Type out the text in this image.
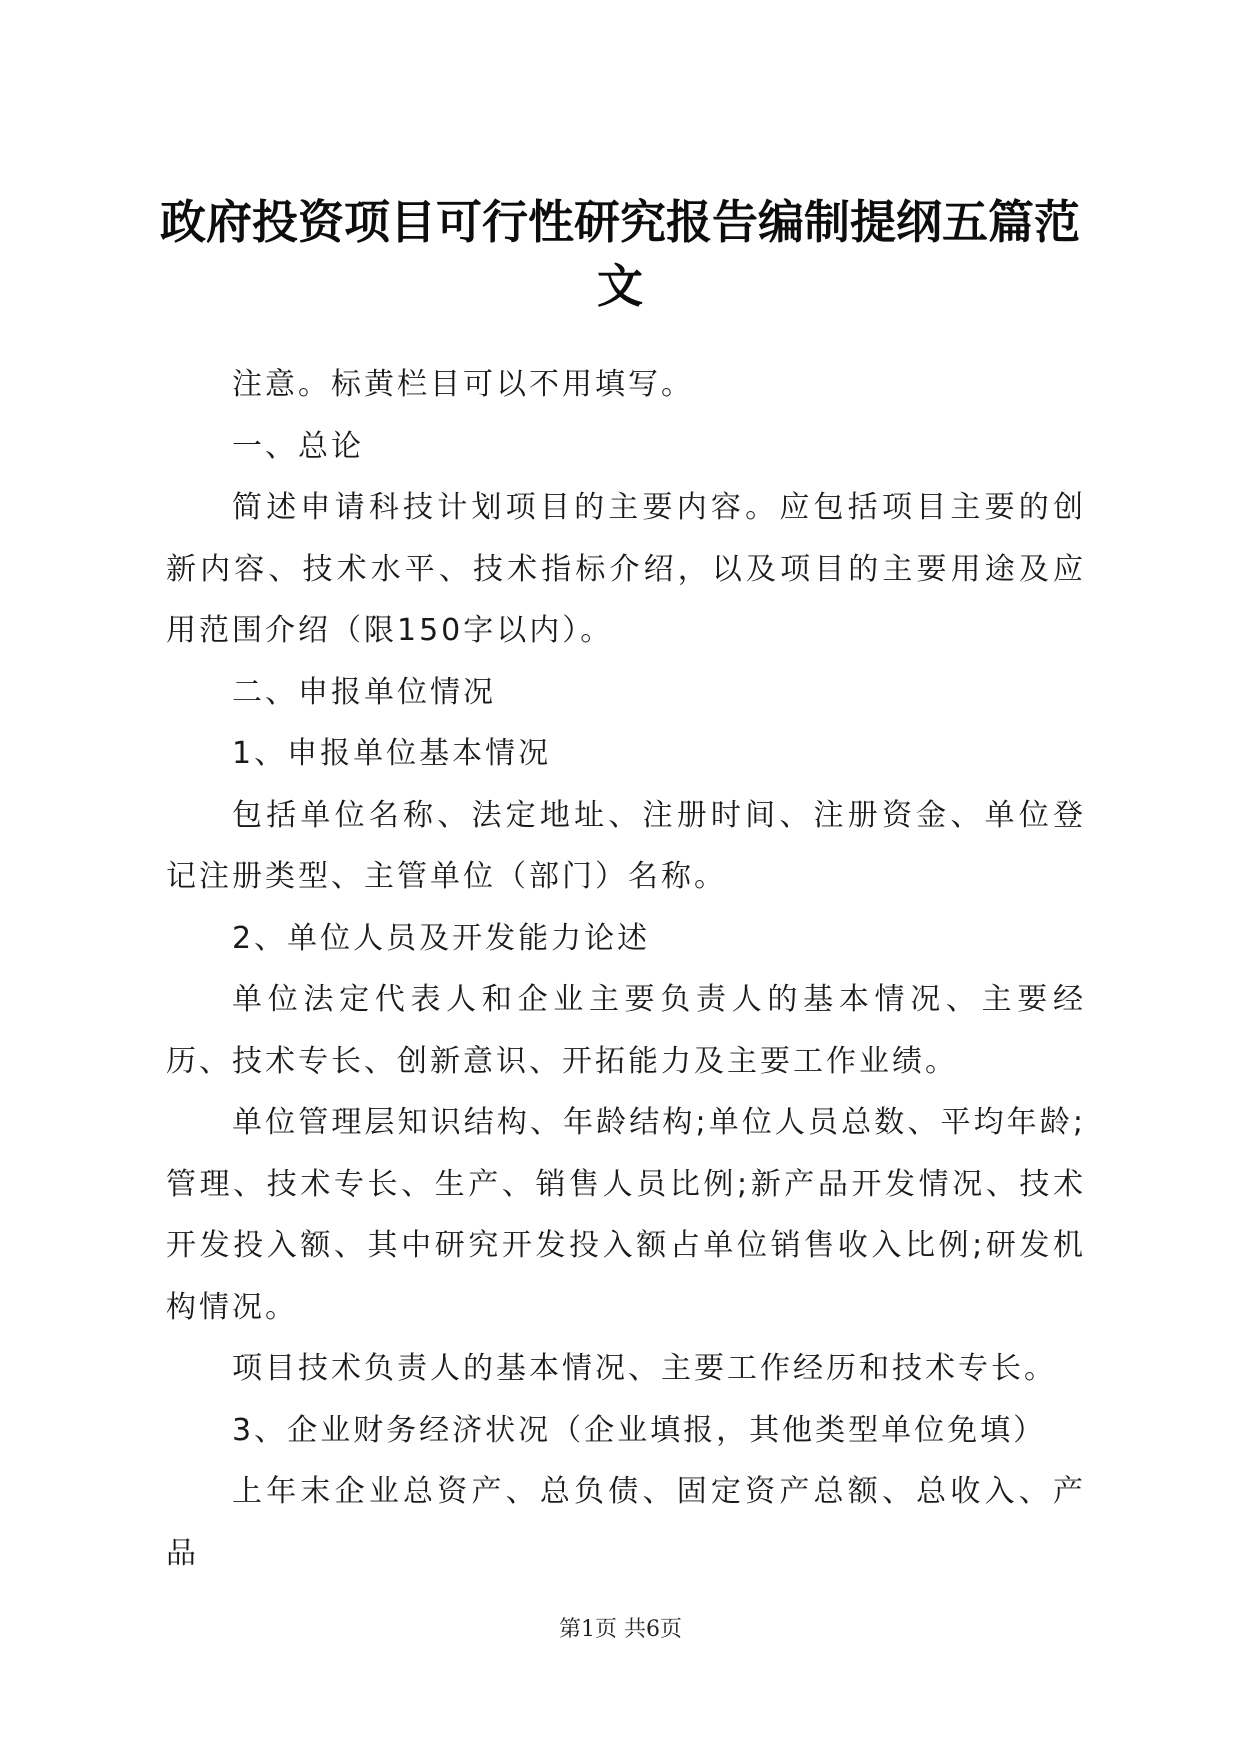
政府投资项目可行性研究报告编制提纲五篇范文

注意。标黄栏目可以不用填写。

一、总论

简述申请科技计划项目的主要内容。应包括项目主要的创新内容、技术水平、技术指标介绍，以及项目的主要用途及应用范围介绍（限150字以内）。

二、申报单位情况

1、申报单位基本情况

包括单位名称、法定地址、注册时间、注册资金、单位登记注册类型、主管单位（部门）名称。

2、单位人员及开发能力论述

单位法定代表人和企业主要负责人的基本情况、主要经历、技术专长、创新意识、开拓能力及主要工作业绩。

单位管理层知识结构、年龄结构;单位人员总数、平均年龄;管理、技术专长、生产、销售人员比例;新产品开发情况、技术开发投入额、其中研究开发投入额占单位销售收入比例;研发机构情况。

项目技术负责人的基本情况、主要工作经历和技术专长。

3、企业财务经济状况（企业填报，其他类型单位免填）

上年末企业总资产、总负债、固定资产总额、总收入、产品

第1页 共6页
